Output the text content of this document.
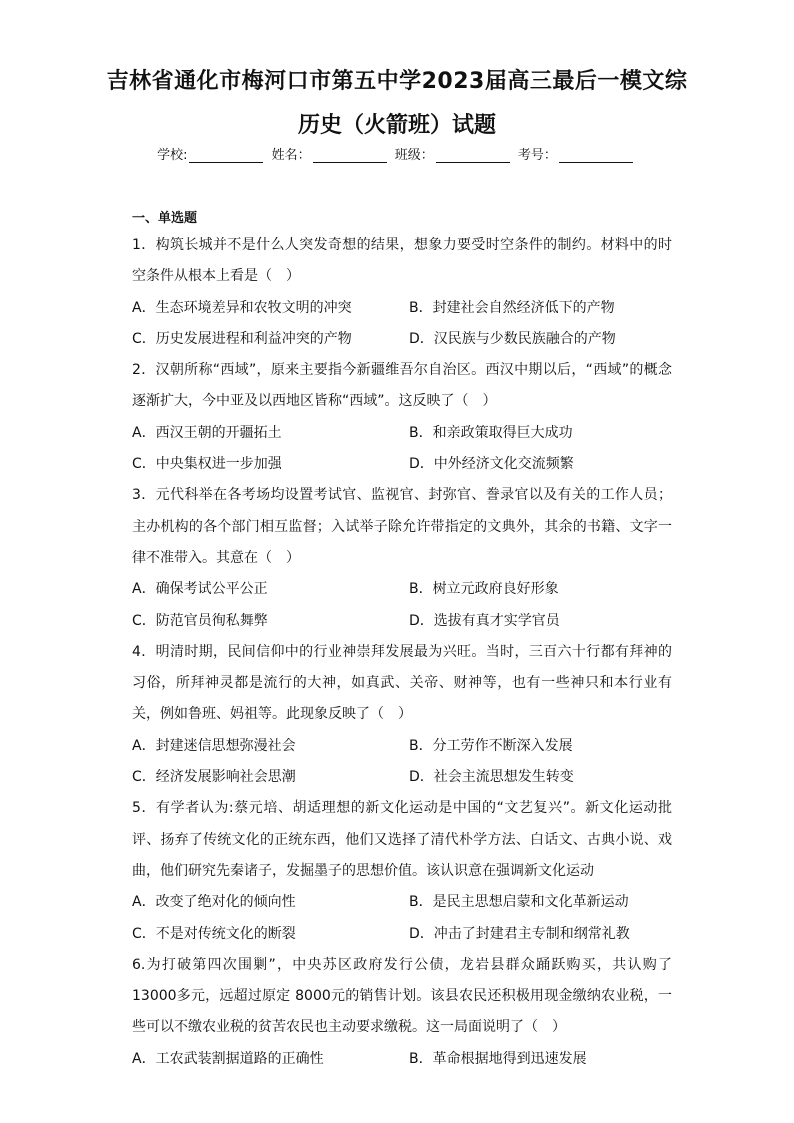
吉林省通化市梅河口市第五中学2023届高三最后一模文综
历史（火箭班）试题
学校:	姓名：	班级：	考号：
一、单选题

1．构筑长城并不是什么人突发奇想的结果，想象力要受时空条件的制约。材料中的时空条件从根本上看是（　）

A．生态环境差异和农牧文明的冲突	B．封建社会自然经济低下的产物
C．历史发展进程和利益冲突的产物	D．汉民族与少数民族融合的产物

2．汉朝所称“西域”，原来主要指今新疆维吾尔自治区。西汉中期以后，“西域”的概念逐渐扩大，今中亚及以西地区皆称“西域”。这反映了（　）

A．西汉王朝的开疆拓土	B．和亲政策取得巨大成功
C．中央集权进一步加强	D．中外经济文化交流频繁

3．元代科举在各考场均设置考试官、监视官、封弥官、誊录官以及有关的工作人员；主办机构的各个部门相互监督；入试举子除允许带指定的文典外，其余的书籍、文字一律不准带入。其意在（　）

A．确保考试公平公正	B．树立元政府良好形象
C．防范官员徇私舞弊	D．选拔有真才实学官员

4．明清时期，民间信仰中的行业神崇拜发展最为兴旺。当时，三百六十行都有拜神的习俗，所拜神灵都是流行的大神，如真武、关帝、财神等，也有一些神只和本行业有关，例如鲁班、妈祖等。此现象反映了（　）

A．封建迷信思想弥漫社会	B．分工劳作不断深入发展
C．经济发展影响社会思潮	D．社会主流思想发生转变

5．有学者认为:蔡元培、胡适理想的新文化运动是中国的“文艺复兴”。新文化运动批评、扬弃了传统文化的正统东西，他们又选择了清代朴学方法、白话文、古典小说、戏曲，他们研究先秦诸子，发掘墨子的思想价值。该认识意在强调新文化运动

A．改变了绝对化的倾向性	B．是民主思想启蒙和文化革新运动
C．不是对传统文化的断裂	D．冲击了封建君主专制和纲常礼教

6.为打破第四次围剿”，中央苏区政府发行公债，龙岩县群众踊跃购买，共认购了 13000多元，远超过原定 8000元的销售计划。该县农民还积极用现金缴纳农业税，一些可以不缴农业税的贫苦农民也主动要求缴税。这一局面说明了（　）

A．工农武装割据道路的正确性	B．革命根据地得到迅速发展
